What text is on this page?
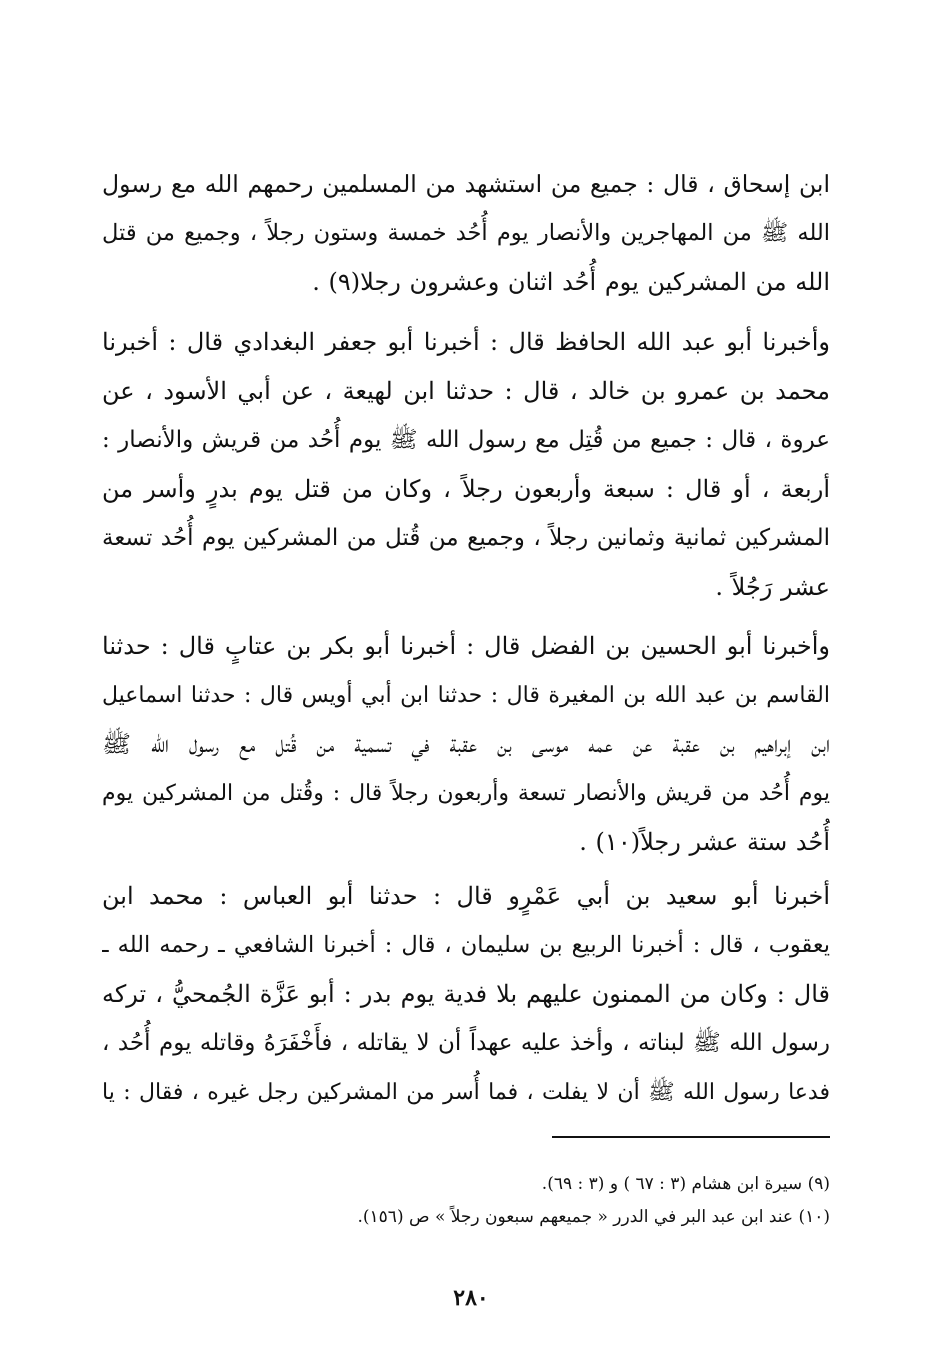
ابن إسحاق ، قال : جميع من استشهد من المسلمين رحمهم الله مع رسول
الله ﷺ من المهاجرين والأنصار يوم أُحُد خمسة وستون رجلاً ، وجميع من قتل
الله من المشركين يوم أُحُد اثنان وعشرون رجلا(٩) .
وأخبرنا أبو عبد الله الحافظ قال : أخبرنا أبو جعفر البغدادي قال : أخبرنا
محمد بن عمرو بن خالد ، قال : حدثنا ابن لهيعة ، عن أبي الأسود ، عن
عروة ، قال : جميع من قُتِل مع رسول الله ﷺ يوم أُحُد من قريش والأنصار :
أربعة ، أو قال : سبعة وأربعون رجلاً ، وكان من قتل يوم بدرٍ وأسر من
المشركين ثمانية وثمانين رجلاً ، وجميع من قُتل من المشركين يوم أُحُد تسعة
عشر رَجُلاً .
وأخبرنا أبو الحسين بن الفضل قال : أخبرنا أبو بكر بن عتابٍ قال : حدثنا
القاسم بن عبد الله بن المغيرة قال : حدثنا ابن أبي أويس قال : حدثنا اسماعيل
ابن إبراهيم بن عقبة عن عمه موسى بن عقبة في تسمية من قُتل مع رسول الله ﷺ
يوم أُحُد من قريش والأنصار تسعة وأربعون رجلاً قال : وقُتل من المشركين يوم
أُحُد ستة عشر رجلاً(١٠) .
أخبرنا أبو سعيد بن أبي عَمْرٍو قال : حدثنا أبو العباس : محمد ابن
يعقوب ، قال : أخبرنا الربيع بن سليمان ، قال : أخبرنا الشافعي ـ رحمه الله ـ
قال : وكان من الممنون عليهم بلا فدية يوم بدر : أبو عَزَّة الجُمحيُّ ، تركه
رسول الله ﷺ لبناته ، وأخذ عليه عهداً أن لا يقاتله ، فأَخْفَرَهُ وقاتله يوم أُحُد ،
فدعا رسول الله ﷺ أن لا يفلت ، فما أُسر من المشركين رجل غيره ، فقال : يا
(٩) سيرة ابن هشام (٣ : ٦٧ ) و (٣ : ٦٩).
(١٠) عند ابن عبد البر في الدرر « جميعهم سبعون رجلاً » ص (١٥٦).
٢٨٠
